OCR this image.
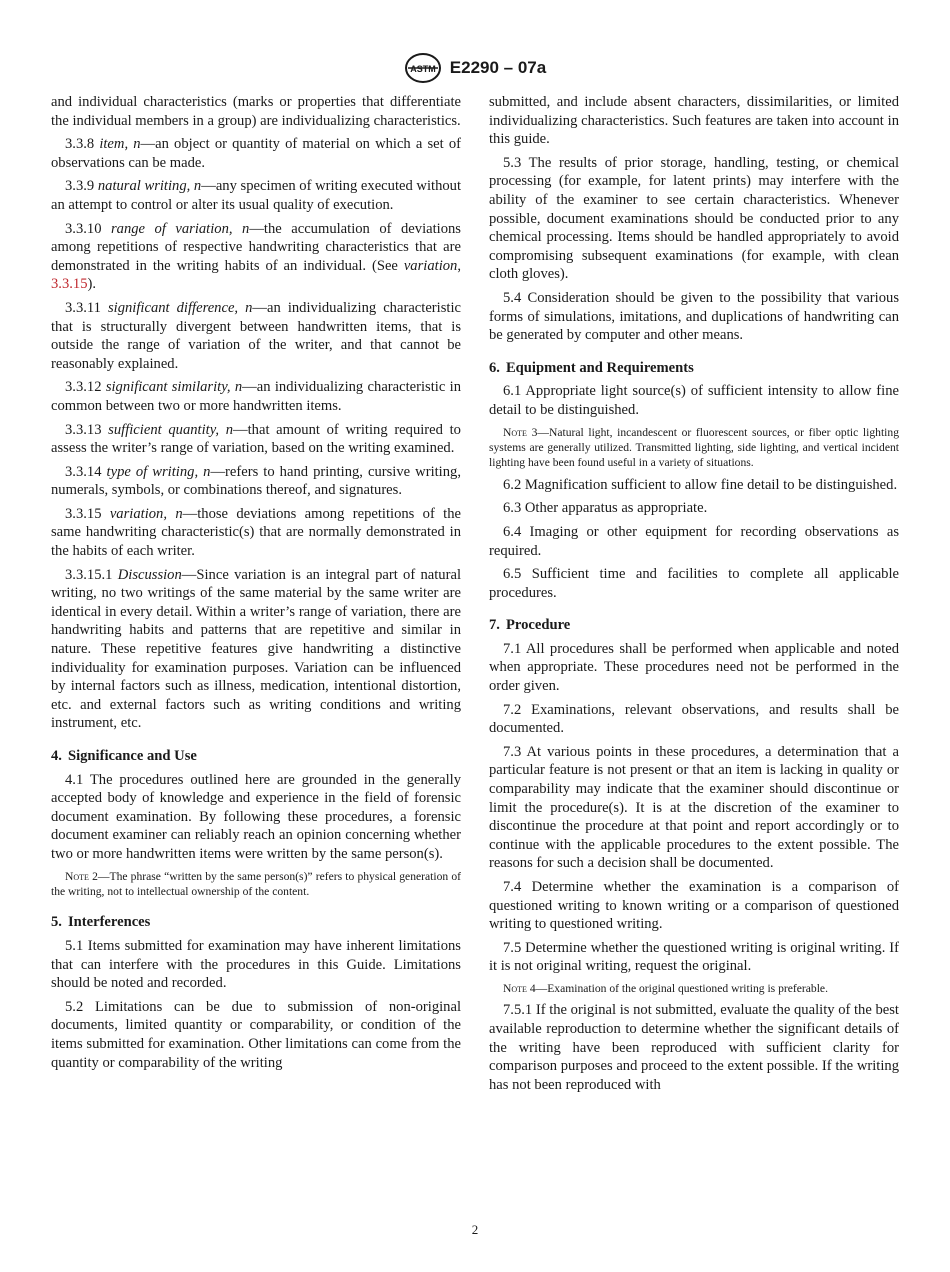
ASTM E2290 – 07a

and individual characteristics (marks or properties that differentiate the individual members in a group) are individualizing characteristics.

3.3.8 item, n—an object or quantity of material on which a set of observations can be made.

3.3.9 natural writing, n—any specimen of writing executed without an attempt to control or alter its usual quality of execution.

3.3.10 range of variation, n—the accumulation of deviations among repetitions of respective handwriting characteristics that are demonstrated in the writing habits of an individual. (See variation, 3.3.15).

3.3.11 significant difference, n—an individualizing characteristic that is structurally divergent between handwritten items, that is outside the range of variation of the writer, and that cannot be reasonably explained.

3.3.12 significant similarity, n—an individualizing characteristic in common between two or more handwritten items.

3.3.13 sufficient quantity, n—that amount of writing required to assess the writer’s range of variation, based on the writing examined.

3.3.14 type of writing, n—refers to hand printing, cursive writing, numerals, symbols, or combinations thereof, and signatures.

3.3.15 variation, n—those deviations among repetitions of the same handwriting characteristic(s) that are normally demonstrated in the habits of each writer.

3.3.15.1 Discussion—Since variation is an integral part of natural writing, no two writings of the same material by the same writer are identical in every detail. Within a writer’s range of variation, there are handwriting habits and patterns that are repetitive and similar in nature. These repetitive features give handwriting a distinctive individuality for examination purposes. Variation can be influenced by internal factors such as illness, medication, intentional distortion, etc. and external factors such as writing conditions and writing instrument, etc.

4. Significance and Use

4.1 The procedures outlined here are grounded in the generally accepted body of knowledge and experience in the field of forensic document examination. By following these procedures, a forensic document examiner can reliably reach an opinion concerning whether two or more handwritten items were written by the same person(s).

Note 2—The phrase “written by the same person(s)” refers to physical generation of the writing, not to intellectual ownership of the content.

5. Interferences

5.1 Items submitted for examination may have inherent limitations that can interfere with the procedures in this Guide. Limitations should be noted and recorded.

5.2 Limitations can be due to submission of non-original documents, limited quantity or comparability, or condition of the items submitted for examination. Other limitations can come from the quantity or comparability of the writing

submitted, and include absent characters, dissimilarities, or limited individualizing characteristics. Such features are taken into account in this guide.

5.3 The results of prior storage, handling, testing, or chemical processing (for example, for latent prints) may interfere with the ability of the examiner to see certain characteristics. Whenever possible, document examinations should be conducted prior to any chemical processing. Items should be handled appropriately to avoid compromising subsequent examinations (for example, with clean cloth gloves).

5.4 Consideration should be given to the possibility that various forms of simulations, imitations, and duplications of handwriting can be generated by computer and other means.

6. Equipment and Requirements

6.1 Appropriate light source(s) of sufficient intensity to allow fine detail to be distinguished.

Note 3—Natural light, incandescent or fluorescent sources, or fiber optic lighting systems are generally utilized. Transmitted lighting, side lighting, and vertical incident lighting have been found useful in a variety of situations.

6.2 Magnification sufficient to allow fine detail to be distinguished.

6.3 Other apparatus as appropriate.

6.4 Imaging or other equipment for recording observations as required.

6.5 Sufficient time and facilities to complete all applicable procedures.

7. Procedure

7.1 All procedures shall be performed when applicable and noted when appropriate. These procedures need not be performed in the order given.

7.2 Examinations, relevant observations, and results shall be documented.

7.3 At various points in these procedures, a determination that a particular feature is not present or that an item is lacking in quality or comparability may indicate that the examiner should discontinue or limit the procedure(s). It is at the discretion of the examiner to discontinue the procedure at that point and report accordingly or to continue with the applicable procedures to the extent possible. The reasons for such a decision shall be documented.

7.4 Determine whether the examination is a comparison of questioned writing to known writing or a comparison of questioned writing to questioned writing.

7.5 Determine whether the questioned writing is original writing. If it is not original writing, request the original.

Note 4—Examination of the original questioned writing is preferable.

7.5.1 If the original is not submitted, evaluate the quality of the best available reproduction to determine whether the significant details of the writing have been reproduced with sufficient clarity for comparison purposes and proceed to the extent possible. If the writing has not been reproduced with

2
